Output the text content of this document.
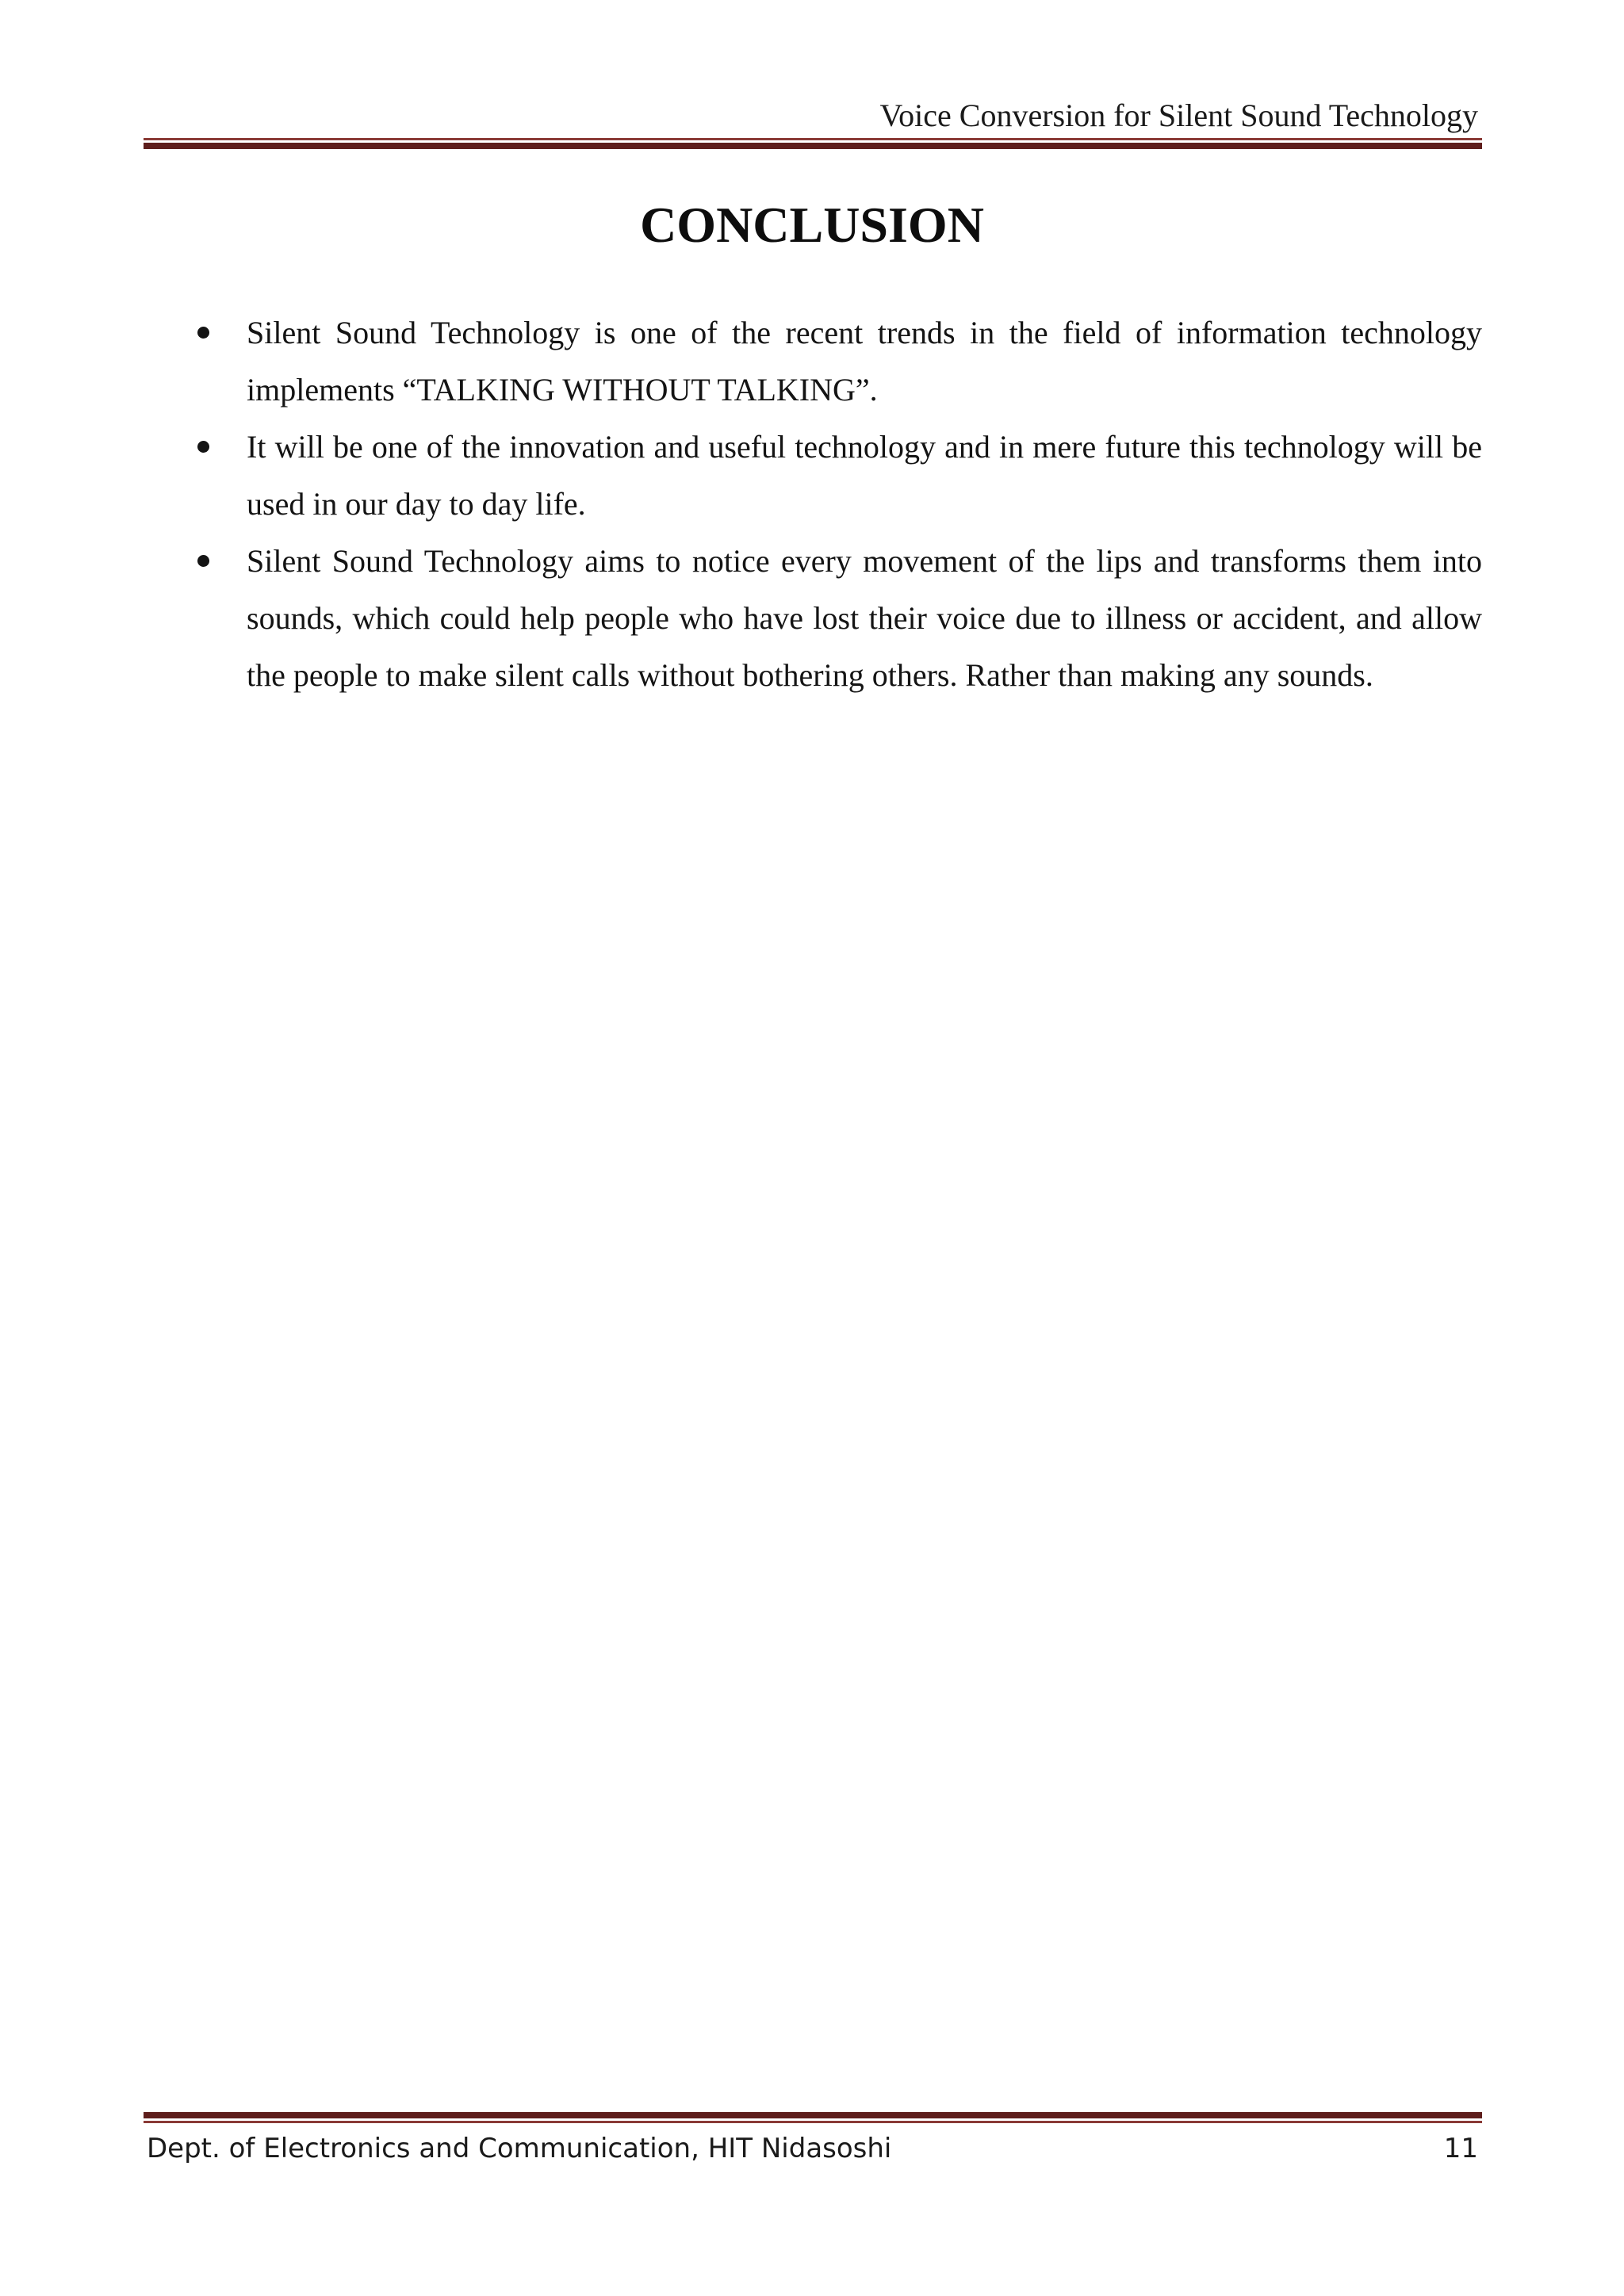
Voice Conversion for Silent Sound Technology
CONCLUSION
Silent Sound Technology is one of the recent trends in the field of information technology implements “TALKING WITHOUT TALKING”.
It will be one of the innovation and useful technology and in mere future this technology will be used in our day to day life.
Silent Sound Technology aims to notice every movement of the lips and transforms them into sounds, which could help people who have lost their voice due to illness or accident, and allow the people to make silent calls without bothering others. Rather than making any sounds.
Dept. of Electronics and Communication, HIT Nidasoshi	11
